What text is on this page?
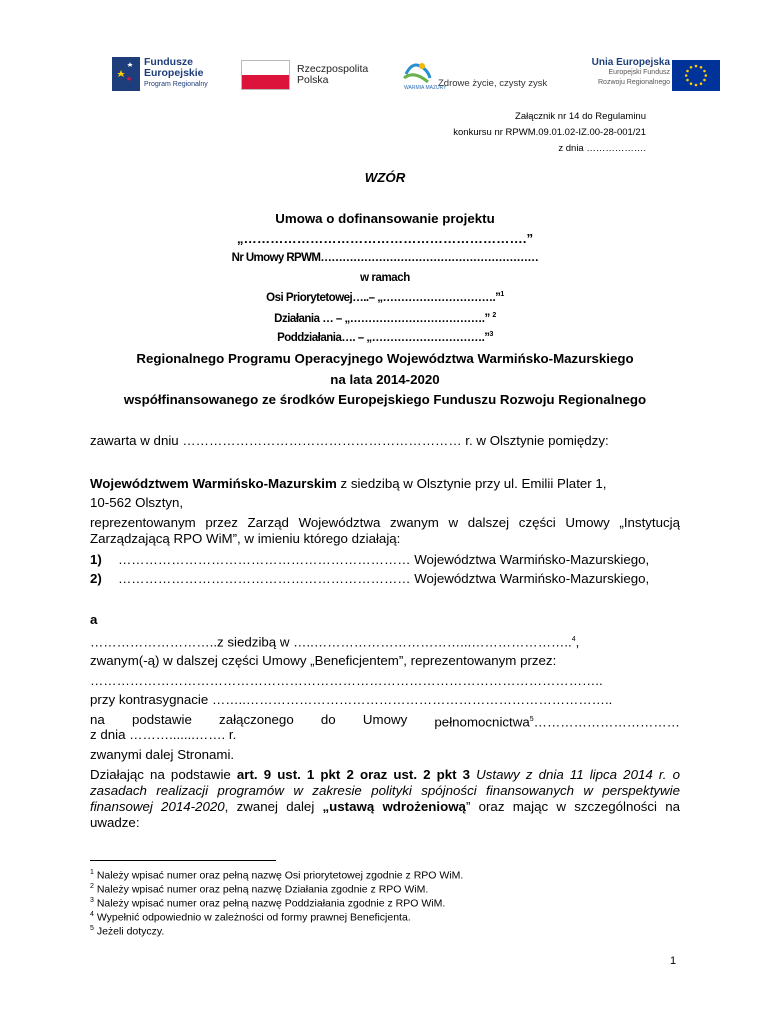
Fundusze
Europejskie
Program Regionalny
Rzeczpospolita
Polska
WARMIA MAZURY
Zdrowe życie, czysty zysk
Unia Europejska
Europejski Fundusz
Rozwoju Regionalnego
Załącznik nr 14 do Regulaminu
konkursu nr RPWM.09.01.02-IZ.00-28-001/21
z dnia ……………….
WZÓR
Umowa o dofinansowanie projektu
„……………………………………………………….”
Nr Umowy RPWM……………………………………………………
w ramach
Osi Priorytetowej…..– „………………………….”$^1$
Działania … – „……………………………….” $^2$
Poddziałania…. – „………………………….”$^3$
Regionalnego Programu Operacyjnego Województwa Warmińsko-Mazurskiego
na lata 2014-2020
współfinansowanego ze środków Europejskiego Funduszu Rozwoju Regionalnego
zawarta w dniu ……………………………………………………… r. w Olsztynie pomiędzy:
Województwem Warmińsko-Mazurskim z siedzibą w Olsztynie przy ul. Emilii Plater 1,
10-562 Olsztyn,
reprezentowanym przez Zarząd Województwa zwanym w dalszej części Umowy „Instytucją Zarządzającą RPO WiM”, w imieniu którego działają:
1) ………………………………………………………… Województwa Warmińsko-Mazurskiego,
2) ………………………………………………………… Województwa Warmińsko-Mazurskiego,
a
………………………..z siedzibą w …..……………………………...…………………..$^4$,
zwanym(-ą) w dalszej części Umowy „Beneficjentem”, reprezentowanym przez:
……………………………………………………………………………………………………..
przy kontrasygnacie ……..………………………………………………………………………..
na podstawie załączonego do Umowy pełnomocnictwa$^5$……………………………
z dnia ……….......……. r.
zwanymi dalej Stronami.
Działając na podstawie art. 9 ust. 1 pkt 2 oraz ust. 2 pkt 3 Ustawy z dnia 11 lipca 2014 r. o zasadach realizacji programów w zakresie polityki spójności finansowanych w perspektywie finansowej 2014-2020, zwanej dalej „ustawą wdrożeniową” oraz mając w szczególności na uwadze:
$^1$ Należy wpisać numer oraz pełną nazwę Osi priorytetowej zgodnie z RPO WiM.
$^2$ Należy wpisać numer oraz pełną nazwę Działania zgodnie z RPO WiM.
$^3$ Należy wpisać numer oraz pełną nazwę Poddziałania zgodnie z RPO WiM.
$^4$ Wypełnić odpowiednio w zależności od formy prawnej Beneficjenta.
$^5$ Jeżeli dotyczy.
1
